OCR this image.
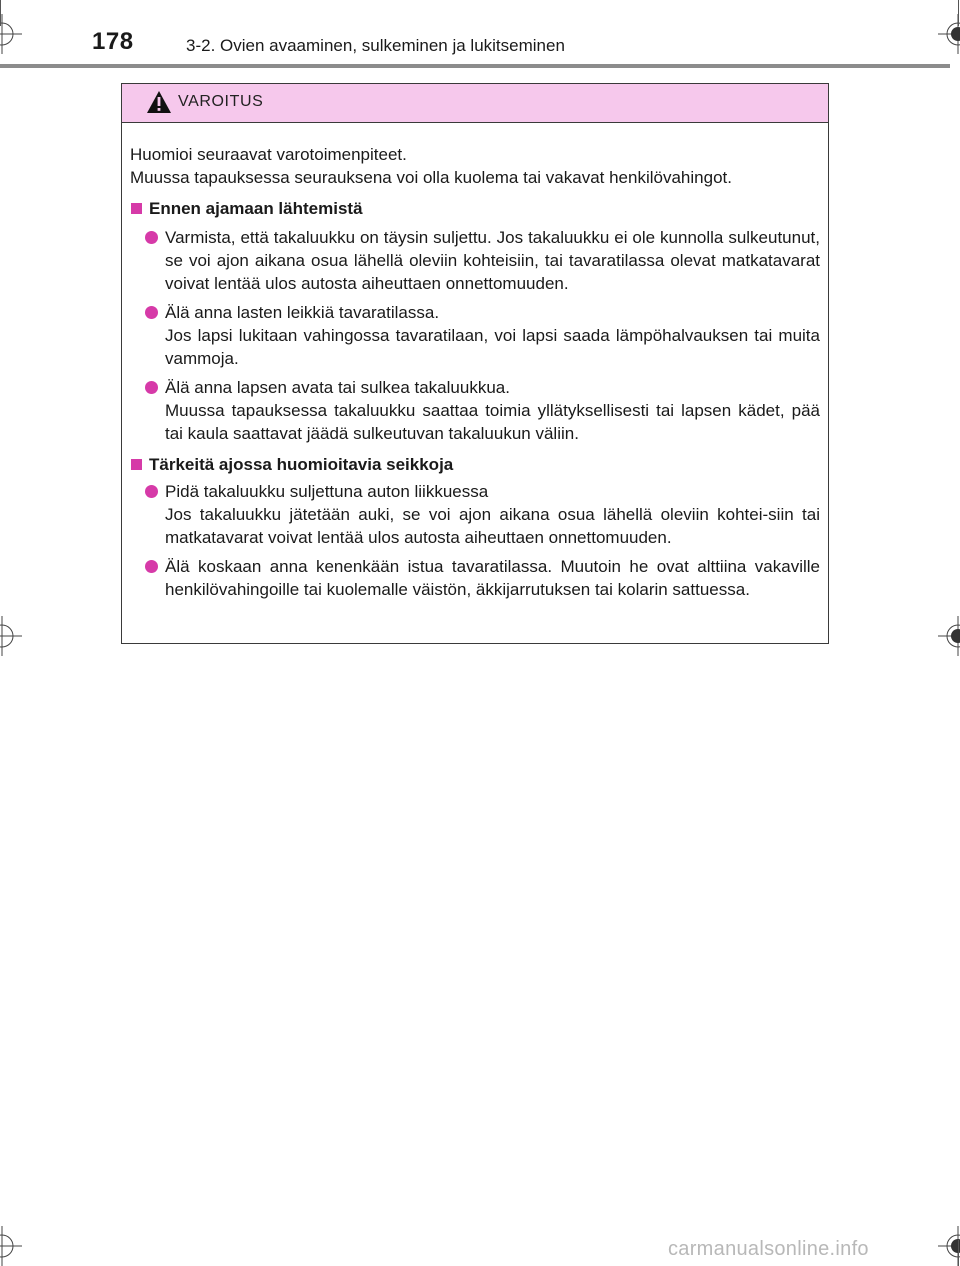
178	3-2. Ovien avaaminen, sulkeminen ja lukitseminen
VAROITUS

Huomioi seuraavat varotoimenpiteet.

Muussa tapauksessa seurauksena voi olla kuolema tai vakavat henkilövahingot.

Ennen ajamaan lähtemistä

Varmista, että takaluukku on täysin suljettu. Jos takaluukku ei ole kunnolla sulkeutunut, se voi ajon aikana osua lähellä oleviin kohteisiin, tai tavaratilassa olevat matkatavarat voivat lentää ulos autosta aiheuttaen onnettomuuden.

Älä anna lasten leikkiä tavaratilassa.

Jos lapsi lukitaan vahingossa tavaratilaan, voi lapsi saada lämpöhalvauksen tai muita vammoja.

Älä anna lapsen avata tai sulkea takaluukkua.

Muussa tapauksessa takaluukku saattaa toimia yllätyksellisesti tai lapsen kädet, pää tai kaula saattavat jäädä sulkeutuvan takaluukun väliin.

Tärkeitä ajossa huomioitavia seikkoja

Pidä takaluukku suljettuna auton liikkuessa

Jos takaluukku jätetään auki, se voi ajon aikana osua lähellä oleviin kohtei-siin tai matkatavarat voivat lentää ulos autosta aiheuttaen onnettomuuden.

Älä koskaan anna kenenkään istua tavaratilassa. Muutoin he ovat alttiina vakaville henkilövahingoille tai kuolemalle väistön, äkkijarrutuksen tai kolarin sattuessa.

carmanualsonline.info
